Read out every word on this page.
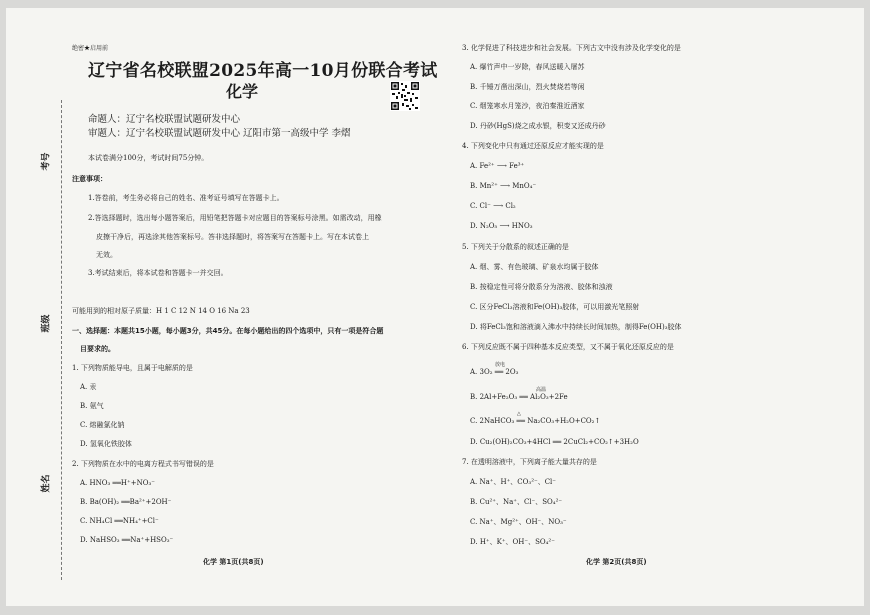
绝密★启用前
辽宁省名校联盟2025年高一10月份联合考试
化学
命题人：辽宁名校联盟试题研发中心
审题人：辽宁名校联盟试题研发中心 辽阳市第一高级中学 李熠
考号
班级
姓名
本试卷满分100分，考试时间75分钟。
注意事项：
1.答卷前，考生务必将自己的姓名、准考证号填写在答题卡上。
2.答选择题时，选出每小题答案后，用铅笔把答题卡对应题目的答案标号涂黑。如需改动，用橡
皮擦干净后，再选涂其他答案标号。答非选择题时，将答案写在答题卡上。写在本试卷上
无效。
3.考试结束后，将本试卷和答题卡一并交回。
可能用到的相对原子质量：H 1 C 12 N 14 O 16 Na 23
一、选择题：本题共15小题，每小题3分，共45分。在每小题给出的四个选项中，只有一项是符合题
目要求的。
1. 下列物质能导电，且属于电解质的是
A. 汞
B. 氨气
C. 熔融氯化钠
D. 氢氧化铁胶体
2. 下列物质在水中的电离方程式书写错误的是
A. HNO₃ ══H⁺+NO₃⁻
B. Ba(OH)₂ ══Ba²⁺+2OH⁻
C. NH₄Cl ══NH₄⁺+Cl⁻
D. NaHSO₃ ══Na⁺+HSO₃⁻
化学 第1页(共8页)
3. 化学促进了科技进步和社会发展。下列古文中没有涉及化学变化的是
A. 爆竹声中一岁除，春风送暖入屠苏
B. 千锤万凿出深山，烈火焚烧若等闲
C. 烟笼寒水月笼沙，夜泊秦淮近酒家
D. 丹砂(HgS)烧之成水银，积变又还成丹砂
4. 下列变化中只有通过还原反应才能实现的是
A. Fe²⁺ ⟶ Fe³⁺
B. Mn²⁺ ⟶ MnO₄⁻
C. Cl⁻ ⟶ Cl₂
D. N₂O₅ ⟶ HNO₃
5. 下列关于分散系的叙述正确的是
A. 烟、雾、有色玻璃、矿泉水均属于胶体
B. 按稳定性可将分散系分为溶液、胶体和浊液
C. 区分FeCl₃溶液和Fe(OH)₃胶体，可以用激光笔照射
D. 将FeCl₃饱和溶液滴入沸水中持续长时间加热，制得Fe(OH)₃胶体
6. 下列反应既不属于四种基本反应类型，又不属于氧化还原反应的是
放电
A. 3O₂ ══ 2O₃
高温
B. 2Al+Fe₂O₃ ══ Al₂O₃+2Fe
△
C. 2NaHCO₃ ══ Na₂CO₃+H₂O+CO₂↑
D. Cu₂(OH)₂CO₃+4HCl ══ 2CuCl₂+CO₂↑+3H₂O
7. 在透明溶液中，下列离子能大量共存的是
A. Na⁺、H⁺、CO₃²⁻、Cl⁻
B. Cu²⁺、Na⁺、Cl⁻、SO₄²⁻
C. Na⁺、Mg²⁺、OH⁻、NO₃⁻
D. H⁺、K⁺、OH⁻、SO₄²⁻
化学 第2页(共8页)
